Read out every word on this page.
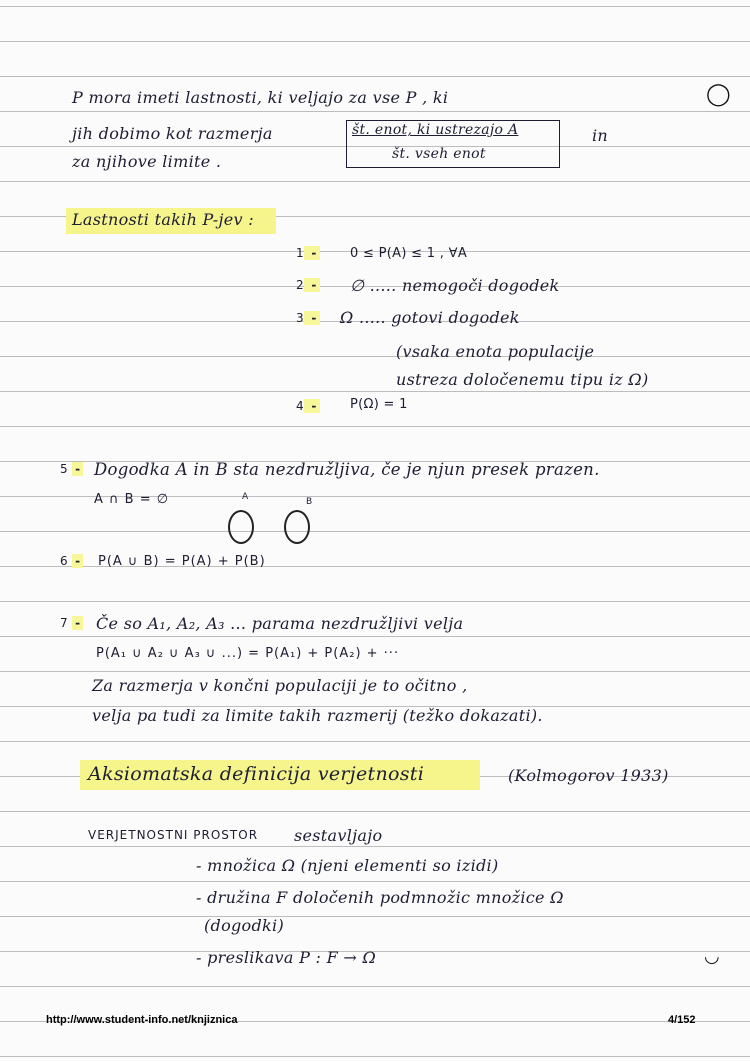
◯
P mora imeti lastnosti, ki veljajo za vse P , ki
jih dobimo kot razmerja
za njihove limite .
št. enot, ki ustrezajo A
št. vseh enot
in
Lastnosti takih P-jev :
1 -	0 ≤ P(A) ≤ 1 , ∀A
2 - ∅ ..... nemogoči dogodek
3 - Ω ..... gotovi dogodek
(vsaka enota populacije
ustreza določenemu tipu iz Ω)
4 -	P(Ω) = 1
5 - Dogodka A in B sta nezdružljiva, če je njun presek prazen.
A ∩ B = ∅	A	B
6 - P(A ∪ B) = P(A) + P(B)
7 - Če so A₁, A₂, A₃ ... parama nezdružljivi velja
P(A₁ ∪ A₂ ∪ A₃ ∪ ...) = P(A₁) + P(A₂) + ···
Za razmerja v končni populaciji je to očitno ,
velja pa tudi za limite takih razmerij (težko dokazati).
Aksiomatska definicija verjetnosti	(Kolmogorov 1933)
VERJETNOSTNI PROSTOR sestavljajo
- množica Ω (njeni elementi so izidi)
- družina F določenih podmnožic množice Ω
(dogodki)
- preslikava P : F → Ω	◡
http://www.student-info.net/knjiznica	4/152
